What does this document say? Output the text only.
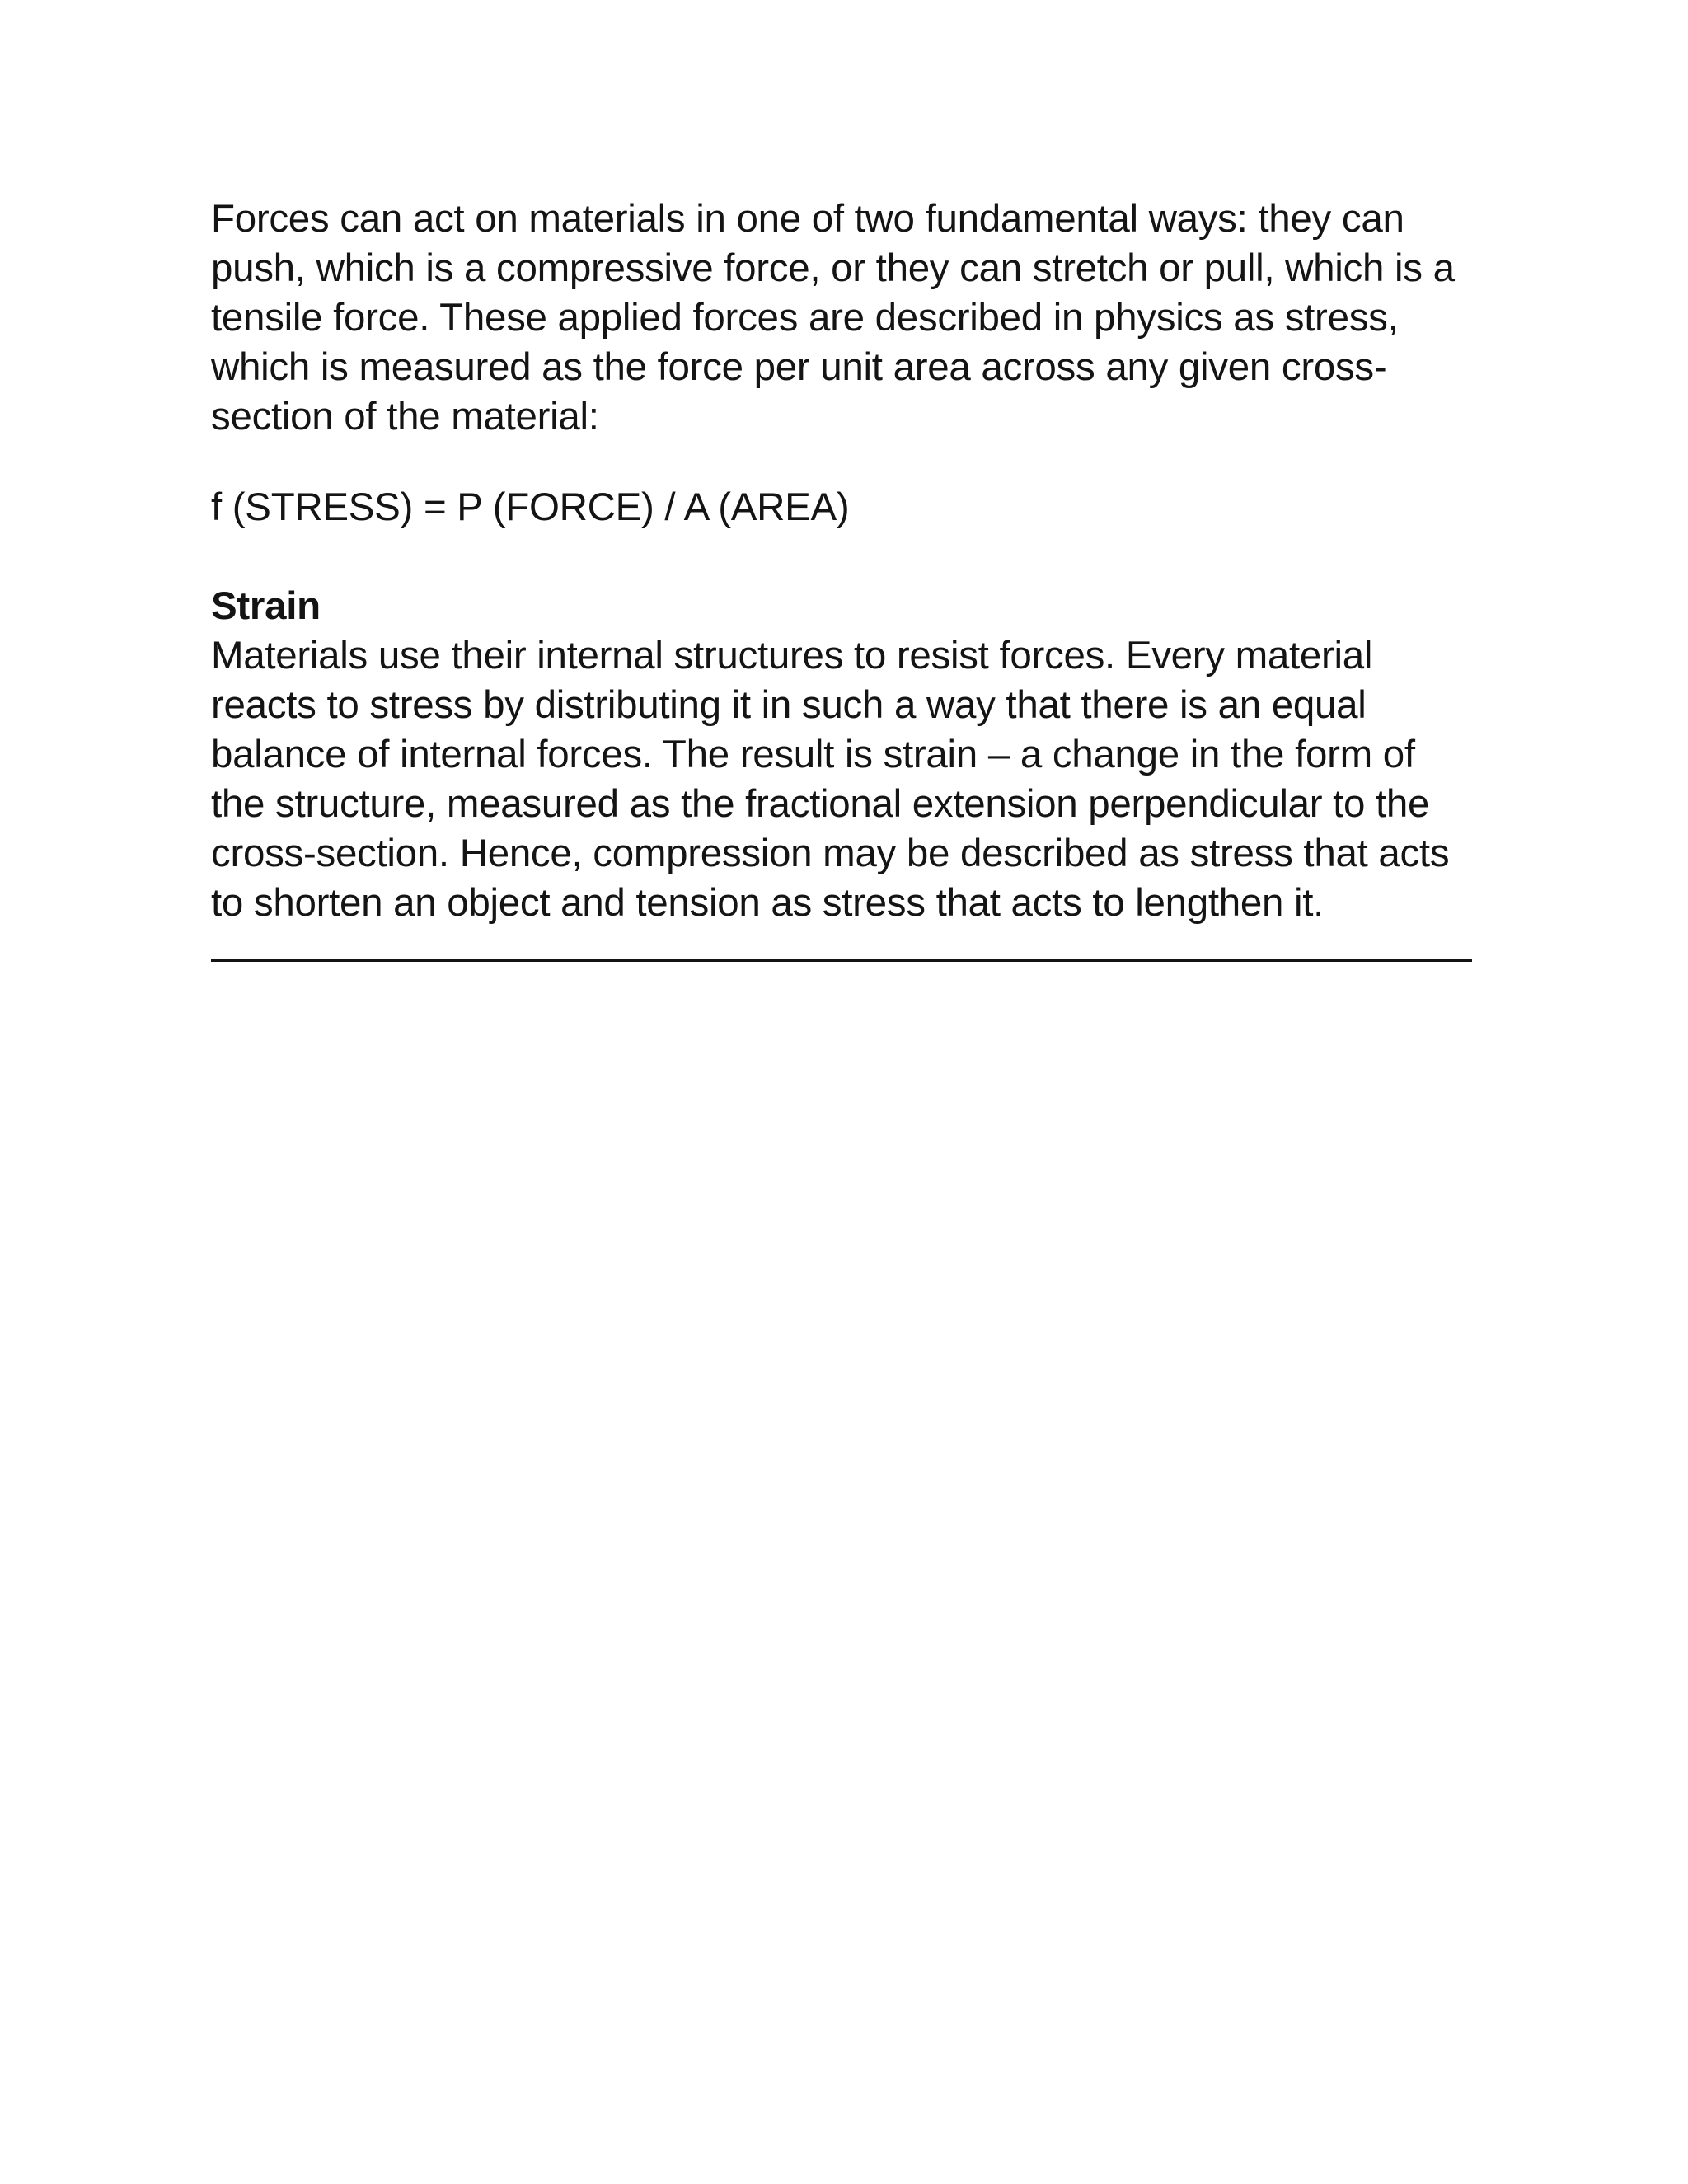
Forces can act on materials in one of two fundamental ways: they can push, which is a compressive force, or they can stretch or pull, which is a tensile force. These applied forces are described in physics as stress, which is measured as the force per unit area across any given cross-section of the material:

f (STRESS) = P (FORCE) / A (AREA)

Strain

Materials use their internal structures to resist forces. Every material reacts to stress by distributing it in such a way that there is an equal balance of internal forces. The result is strain – a change in the form of the structure, measured as the fractional extension perpendicular to the cross-section. Hence, compression may be described as stress that acts to shorten an object and tension as stress that acts to lengthen it.
